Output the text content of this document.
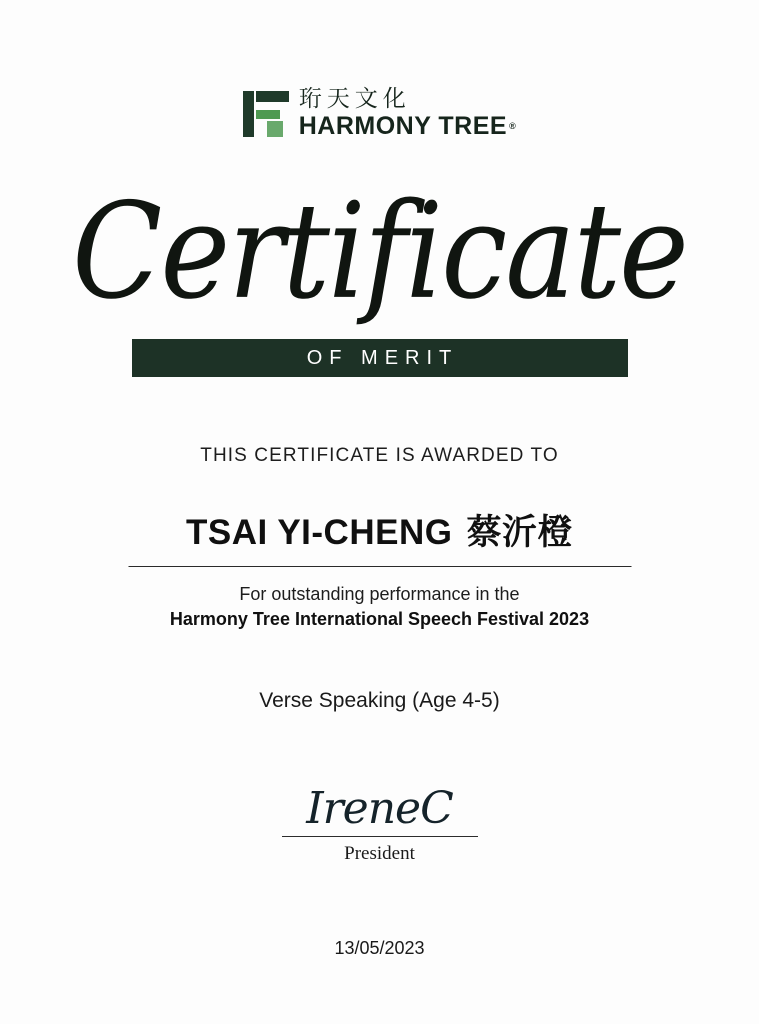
珩天文化
HARMONY TREE®
Certificate
OF MERIT
THIS CERTIFICATE IS AWARDED TO
TSAI YI-CHENG 蔡沂橙
For outstanding performance in the
Harmony Tree International Speech Festival 2023
Verse Speaking (Age 4-5)
IreneC
President
13/05/2023
